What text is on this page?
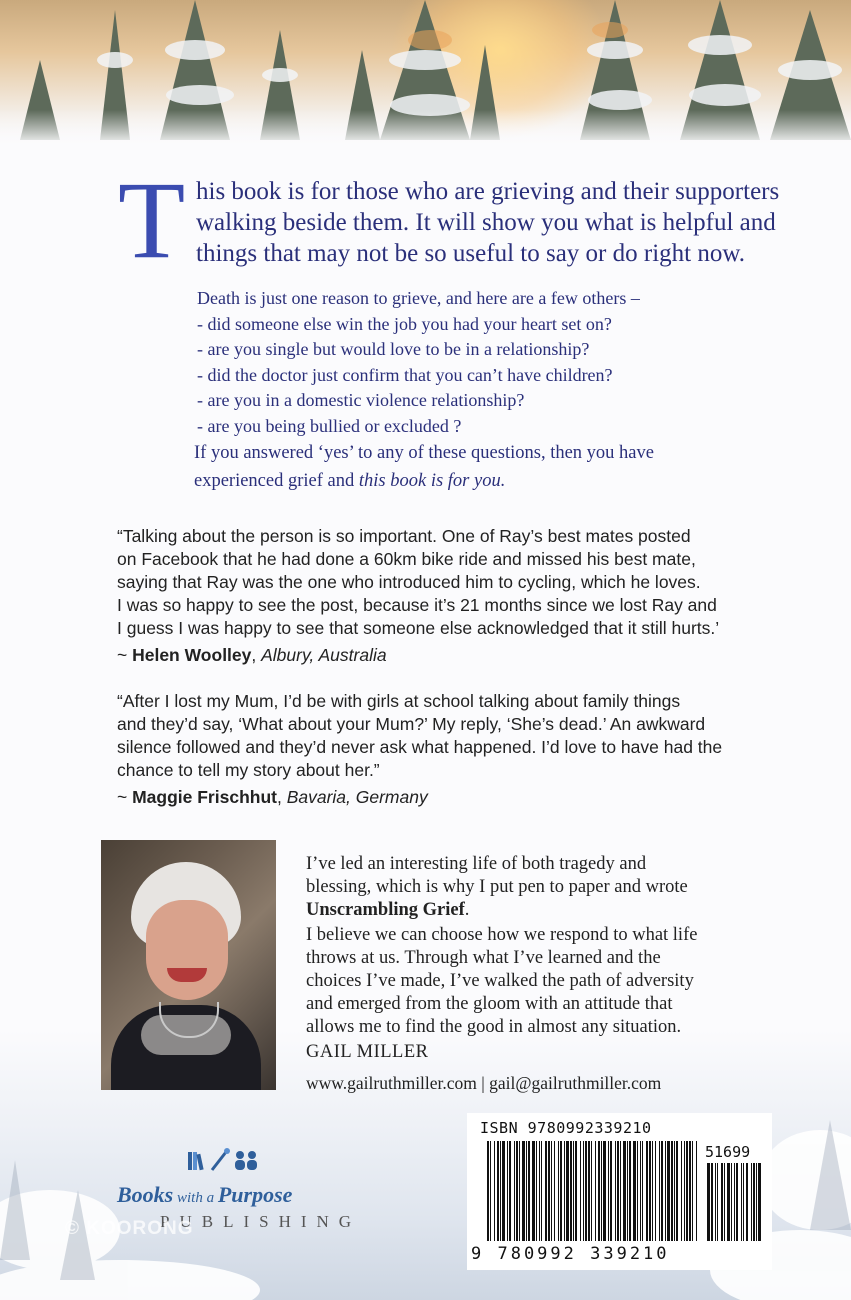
T his book is for those who are grieving and their supporters
walking beside them. It will show you what is helpful and
things that may not be so useful to say or do right now.
Death is just one reason to grieve, and here are a few others –
- did someone else win the job you had your heart set on?
- are you single but would love to be in a relationship?
- did the doctor just confirm that you can’t have children?
- are you in a domestic violence relationship?
- are you being bullied or excluded ?
If you answered ‘yes’ to any of these questions, then you have
experienced grief and this book is for you.
“Talking about the person is so important. One of Ray’s best mates posted
on Facebook that he had done a 60km bike ride and missed his best mate,
saying that Ray was the one who introduced him to cycling, which he loves.
I was so happy to see the post, because it’s 21 months since we lost Ray and
I guess I was happy to see that someone else acknowledged that it still hurts.’
~ Helen Woolley, Albury, Australia
“After I lost my Mum, I’d be with girls at school talking about family things
and they’d say, ‘What about your Mum?’ My reply, ‘She’s dead.’ An awkward
silence followed and they’d never ask what happened. I’d love to have had the
chance to tell my story about her.”
~ Maggie Frischhut, Bavaria, Germany
I’ve led an interesting life of both tragedy and
blessing, which is why I put pen to paper and wrote
Unscrambling Grief.
I believe we can choose how we respond to what life
throws at us. Through what I’ve learned and the
choices I’ve made, I’ve walked the path of adversity
and emerged from the gloom with an attitude that
allows me to find the good in almost any situation.
GAIL MILLER
www.gailruthmiller.com | gail@gailruthmiller.com
Books with a Purpose
PUBLISHING
© KOORONG
ISBN 9780992339210
51699
9 780992 339210
